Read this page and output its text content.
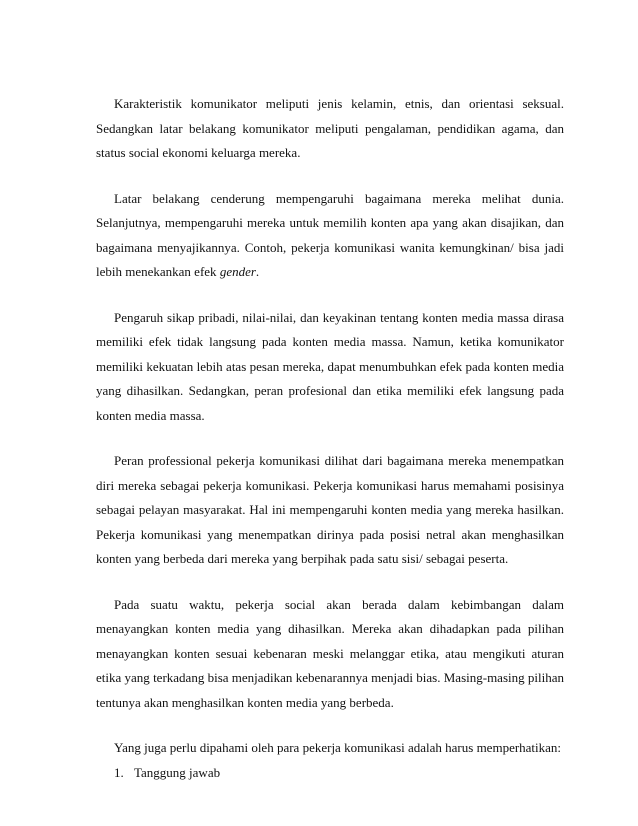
Karakteristik komunikator meliputi jenis kelamin, etnis, dan orientasi seksual. Sedangkan latar belakang komunikator meliputi pengalaman, pendidikan agama, dan status social ekonomi keluarga mereka.

Latar belakang cenderung mempengaruhi bagaimana mereka melihat dunia. Selanjutnya, mempengaruhi mereka untuk memilih konten apa yang akan disajikan, dan bagaimana menyajikannya. Contoh, pekerja komunikasi wanita kemungkinan/ bisa jadi lebih menekankan efek gender.

Pengaruh sikap pribadi, nilai-nilai, dan keyakinan tentang konten media massa dirasa memiliki efek tidak langsung pada konten media massa. Namun, ketika komunikator memiliki kekuatan lebih atas pesan mereka, dapat menumbuhkan efek pada konten media yang dihasilkan. Sedangkan, peran profesional dan etika memiliki efek langsung pada konten media massa.

Peran professional pekerja komunikasi dilihat dari bagaimana mereka menempatkan diri mereka sebagai pekerja komunikasi. Pekerja komunikasi harus memahami posisinya sebagai pelayan masyarakat. Hal ini mempengaruhi konten media yang mereka hasilkan. Pekerja komunikasi yang menempatkan dirinya pada posisi netral akan menghasilkan konten yang berbeda dari mereka yang berpihak pada satu sisi/ sebagai peserta.

Pada suatu waktu, pekerja social akan berada dalam kebimbangan dalam menayangkan konten media yang dihasilkan. Mereka akan dihadapkan pada pilihan menayangkan konten sesuai kebenaran meski melanggar etika, atau mengikuti aturan etika yang terkadang bisa menjadikan kebenarannya menjadi bias. Masing-masing pilihan tentunya akan menghasilkan konten media yang berbeda.

Yang juga perlu dipahami oleh para pekerja komunikasi adalah harus memperhatikan:

1. Tanggung jawab
